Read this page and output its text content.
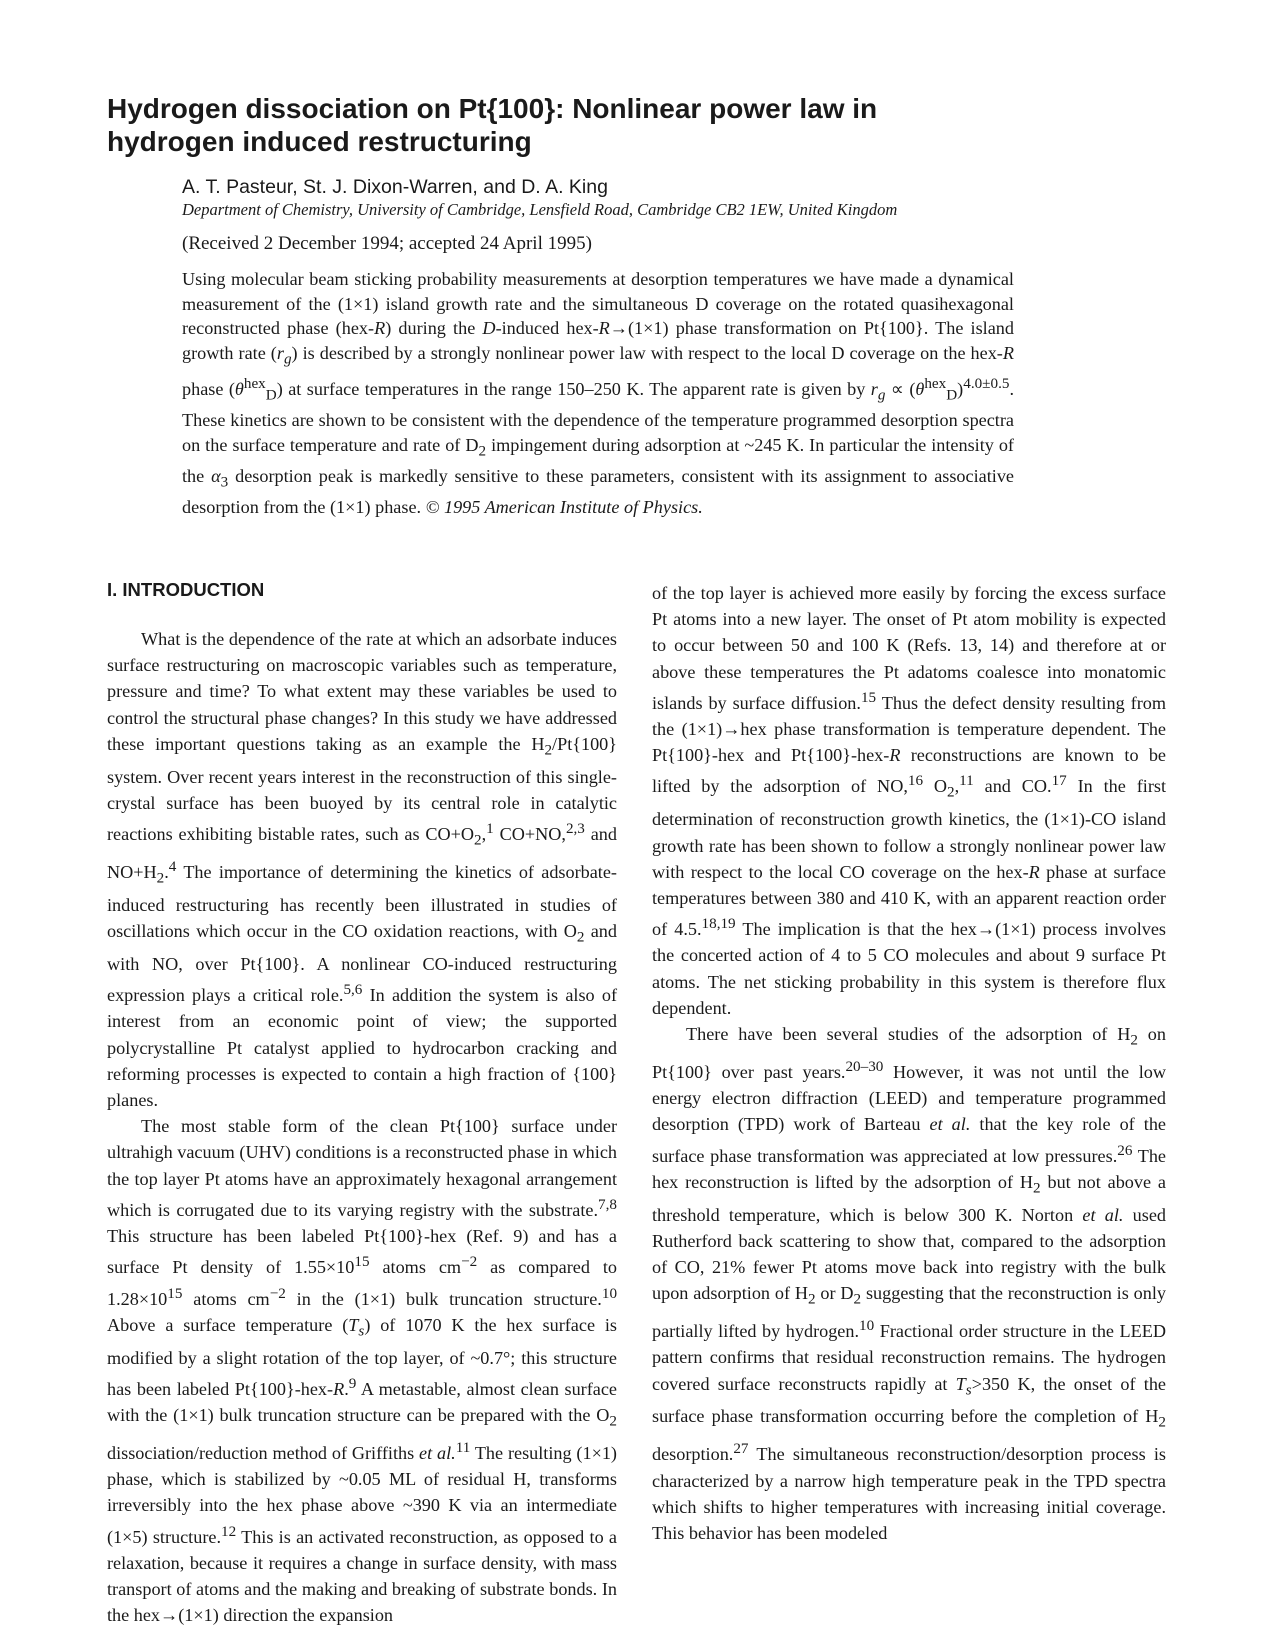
Hydrogen dissociation on Pt{100}: Nonlinear power law in hydrogen induced restructuring
A. T. Pasteur, St. J. Dixon-Warren, and D. A. King
Department of Chemistry, University of Cambridge, Lensfield Road, Cambridge CB2 1EW, United Kingdom
(Received 2 December 1994; accepted 24 April 1995)

Using molecular beam sticking probability measurements at desorption temperatures we have made a dynamical measurement of the (1×1) island growth rate and the simultaneous D coverage on the rotated quasihexagonal reconstructed phase (hex-R) during the D-induced hex-R→(1×1) phase transformation on Pt{100}. The island growth rate $(r_g)$ is described by a strongly nonlinear power law with respect to the local D coverage on the hex-R phase $(\theta^{hex}_D)$ at surface temperatures in the range 150–250 K. The apparent rate is given by $r_g \propto (\theta^{hex}_D)^{4.0\pm 0.5}$. These kinetics are shown to be consistent with the dependence of the temperature programmed desorption spectra on the surface temperature and rate of $D_2$ impingement during adsorption at ~245 K. In particular the intensity of the $\alpha_3$ desorption peak is markedly sensitive to these parameters, consistent with its assignment to associative desorption from the (1×1) phase. © 1995 American Institute of Physics.

I. INTRODUCTION

What is the dependence of the rate at which an adsorbate induces surface restructuring on macroscopic variables such as temperature, pressure and time? To what extent may these variables be used to control the structural phase changes? In this study we have addressed these important questions taking as an example the $H_2/Pt\{100\}$ system. Over recent years interest in the reconstruction of this single-crystal surface has been buoyed by its central role in catalytic reactions exhibiting bistable rates, such as $CO+O_2,^1$ CO+NO,$^{2,3}$ and $NO+H_2.^4$ The importance of determining the kinetics of adsorbate-induced restructuring has recently been illustrated in studies of oscillations which occur in the CO oxidation reactions, with $O_2$ and with NO, over Pt{100}. A nonlinear CO-induced restructuring expression plays a critical role.$^{5,6}$ In addition the system is also of interest from an economic point of view; the supported polycrystalline Pt catalyst applied to hydrocarbon cracking and reforming processes is expected to contain a high fraction of {100} planes.

The most stable form of the clean Pt{100} surface under ultrahigh vacuum (UHV) conditions is a reconstructed phase in which the top layer Pt atoms have an approximately hexagonal arrangement which is corrugated due to its varying registry with the substrate.$^{7,8}$ This structure has been labeled Pt{100}-hex (Ref. 9) and has a surface Pt density of $1.55\times 10^{15}$ atoms $cm^{-2}$ as compared to $1.28\times 10^{15}$ atoms $cm^{-2}$ in the (1×1) bulk truncation structure.$^{10}$ Above a surface temperature $(T_s)$ of 1070 K the hex surface is modified by a slight rotation of the top layer, of ~0.7°; this structure has been labeled Pt{100}-hex-R.$^9$ A metastable, almost clean surface with the (1×1) bulk truncation structure can be prepared with the $O_2$ dissociation/reduction method of Griffiths et al.$^{11}$ The resulting (1×1) phase, which is stabilized by ~0.05 ML of residual H, transforms irreversibly into the hex phase above ~390 K via an intermediate (1×5) structure.$^{12}$ This is an activated reconstruction, as opposed to a relaxation, because it requires a change in surface density, with mass transport of atoms and the making and breaking of substrate bonds. In the hex→(1×1) direction the expansion

of the top layer is achieved more easily by forcing the excess surface Pt atoms into a new layer. The onset of Pt atom mobility is expected to occur between 50 and 100 K (Refs. 13, 14) and therefore at or above these temperatures the Pt adatoms coalesce into monatomic islands by surface diffusion.$^{15}$ Thus the defect density resulting from the (1×1)→hex phase transformation is temperature dependent. The Pt{100}-hex and Pt{100}-hex-R reconstructions are known to be lifted by the adsorption of NO,$^{16}$ $O_2,^{11}$ and CO.$^{17}$ In the first determination of reconstruction growth kinetics, the (1×1)-CO island growth rate has been shown to follow a strongly nonlinear power law with respect to the local CO coverage on the hex-R phase at surface temperatures between 380 and 410 K, with an apparent reaction order of 4.5.$^{18,19}$ The implication is that the hex→(1×1) process involves the concerted action of 4 to 5 CO molecules and about 9 surface Pt atoms. The net sticking probability in this system is therefore flux dependent.

There have been several studies of the adsorption of $H_2$ on Pt{100} over past years.$^{20-30}$ However, it was not until the low energy electron diffraction (LEED) and temperature programmed desorption (TPD) work of Barteau et al. that the key role of the surface phase transformation was appreciated at low pressures.$^{26}$ The hex reconstruction is lifted by the adsorption of $H_2$ but not above a threshold temperature, which is below 300 K. Norton et al. used Rutherford back scattering to show that, compared to the adsorption of CO, 21% fewer Pt atoms move back into registry with the bulk upon adsorption of $H_2$ or $D_2$ suggesting that the reconstruction is only partially lifted by hydrogen.$^{10}$ Fractional order structure in the LEED pattern confirms that residual reconstruction remains. The hydrogen covered surface reconstructs rapidly at $T_s>350$ K, the onset of the surface phase transformation occurring before the completion of $H_2$ desorption.$^{27}$ The simultaneous reconstruction/desorption process is characterized by a narrow high temperature peak in the TPD spectra which shifts to higher temperatures with increasing initial coverage. This behavior has been modeled
